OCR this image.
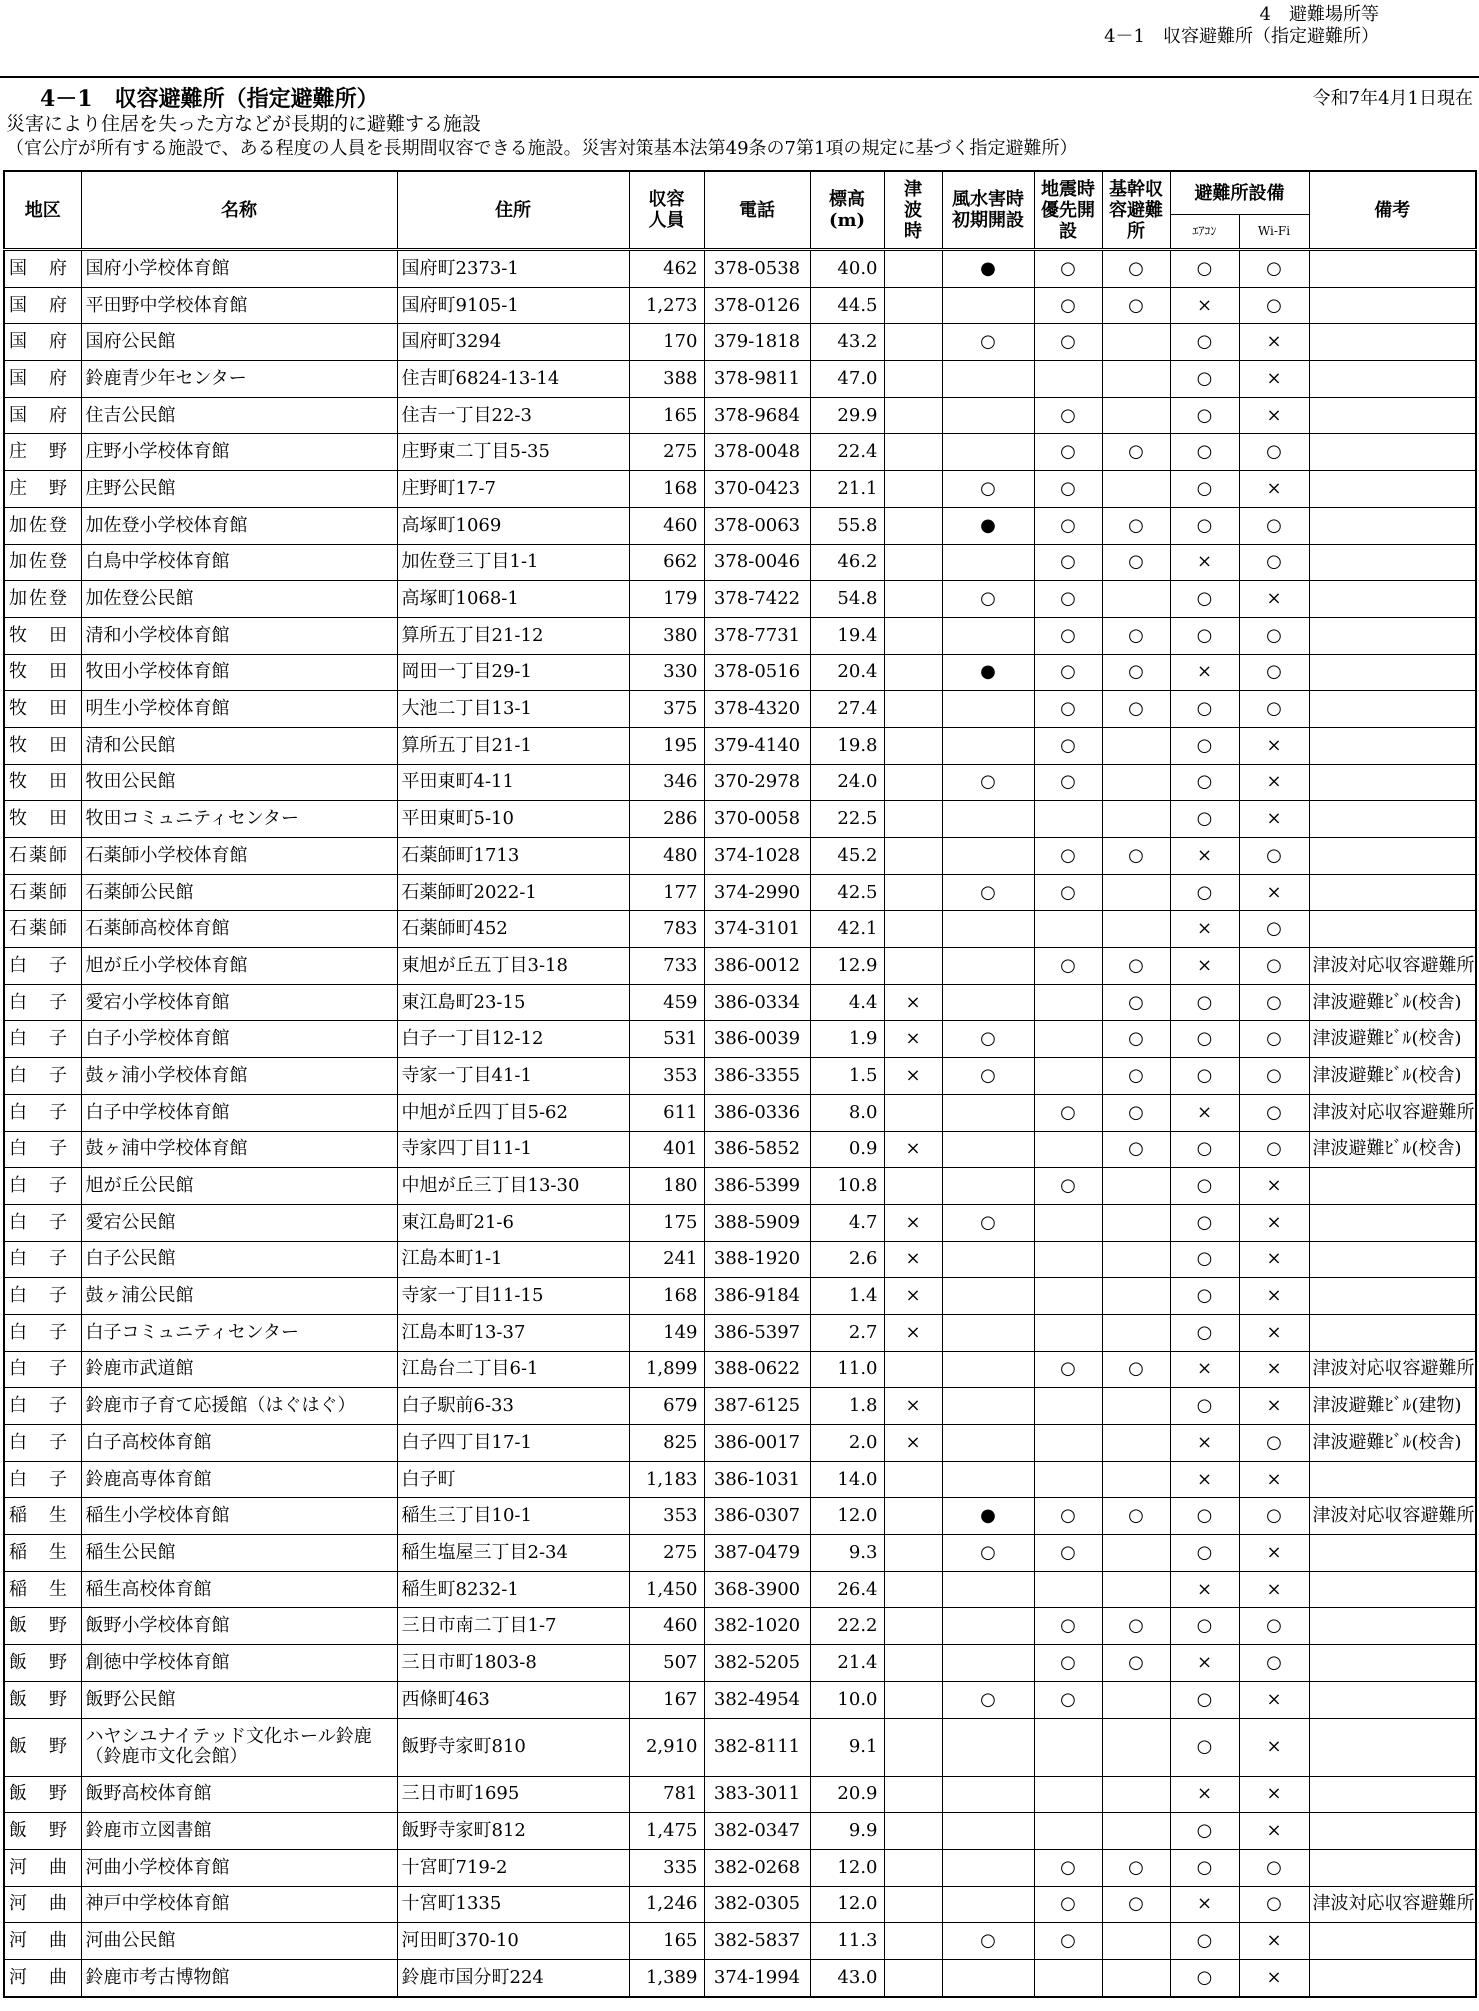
4　避難場所等
4－1　収容避難所（指定避難所）
4－1　収容避難所（指定避難所）	令和7年4月1日現在
災害により住居を失った方などが長期的に避難する施設
（官公庁が所有する施設で、ある程度の人員を長期間収容できる施設。災害対策基本法第49条の7第1項の規定に基づく指定避難所）
地区	名称	住所	収容人員	電話	標高(m)	津波時	風水害時初期開設	地震時優先開設	基幹収容避難所	避難所設備		備考
										ｴｱｺﾝ	Wi-Fi	

国 府	国府小学校体育館	国府町2373-1	462	378-0538	40.0		●	○	○	○	○	

国 府	平田野中学校体育館	国府町9105-1	1,273	378-0126	44.5			○	○	×	○	

国 府	国府公民館	国府町3294	170	379-1818	43.2		○	○		○	×	

国 府	鈴鹿青少年センター	住吉町6824-13-14	388	378-9811	47.0					○	×	

国 府	住吉公民館	住吉一丁目22-3	165	378-9684	29.9			○		○	×	

庄 野	庄野小学校体育館	庄野東二丁目5-35	275	378-0048	22.4			○	○	○	○	

庄 野	庄野公民館	庄野町17-7	168	370-0423	21.1		○	○		○	×	

加 佐 登	加佐登小学校体育館	高塚町1069	460	378-0063	55.8		●	○	○	○	○	

加 佐 登	白鳥中学校体育館	加佐登三丁目1-1	662	378-0046	46.2			○	○	×	○	

加 佐 登	加佐登公民館	高塚町1068-1	179	378-7422	54.8		○	○		○	×	

牧 田	清和小学校体育館	算所五丁目21-12	380	378-7731	19.4			○	○	○	○	

牧 田	牧田小学校体育館	岡田一丁目29-1	330	378-0516	20.4		●	○	○	×	○	

牧 田	明生小学校体育館	大池二丁目13-1	375	378-4320	27.4			○	○	○	○	

牧 田	清和公民館	算所五丁目21-1	195	379-4140	19.8			○		○	×	

牧 田	牧田公民館	平田東町4-11	346	370-2978	24.0		○	○		○	×	

牧 田	牧田コミュニティセンター	平田東町5-10	286	370-0058	22.5					○	×	

石 薬 師	石薬師小学校体育館	石薬師町1713	480	374-1028	45.2			○	○	×	○	

石 薬 師	石薬師公民館	石薬師町2022-1	177	374-2990	42.5		○	○		○	×	

石 薬 師	石薬師高校体育館	石薬師町452	783	374-3101	42.1					×	○	

白 子	旭が丘小学校体育館	東旭が丘五丁目3-18	733	386-0012	12.9			○	○	×	○	津波対応収容避難所

白 子	愛宕小学校体育館	東江島町23-15	459	386-0334	4.4	×			○	○	○	津波避難ﾋﾞﾙ(校舎)

白 子	白子小学校体育館	白子一丁目12-12	531	386-0039	1.9	×	○		○	○	○	津波避難ﾋﾞﾙ(校舎)

白 子	鼓ヶ浦小学校体育館	寺家一丁目41-1	353	386-3355	1.5	×	○		○	○	○	津波避難ﾋﾞﾙ(校舎)

白 子	白子中学校体育館	中旭が丘四丁目5-62	611	386-0336	8.0			○	○	×	○	津波対応収容避難所

白 子	鼓ヶ浦中学校体育館	寺家四丁目11-1	401	386-5852	0.9	×			○	○	○	津波避難ﾋﾞﾙ(校舎)

白 子	旭が丘公民館	中旭が丘三丁目13-30	180	386-5399	10.8			○		○	×	

白 子	愛宕公民館	東江島町21-6	175	388-5909	4.7	×	○			○	×	

白 子	白子公民館	江島本町1-1	241	388-1920	2.6	×				○	×	

白 子	鼓ヶ浦公民館	寺家一丁目11-15	168	386-9184	1.4	×				○	×	

白 子	白子コミュニティセンター	江島本町13-37	149	386-5397	2.7	×				○	×	

白 子	鈴鹿市武道館	江島台二丁目6-1	1,899	388-0622	11.0			○	○	×	×	津波対応収容避難所

白 子	鈴鹿市子育て応援館（はぐはぐ）	白子駅前6-33	679	387-6125	1.8	×				○	×	津波避難ﾋﾞﾙ(建物)

白 子	白子高校体育館	白子四丁目17-1	825	386-0017	2.0	×				×	○	津波避難ﾋﾞﾙ(校舎)

白 子	鈴鹿高専体育館	白子町	1,183	386-1031	14.0					×	×	

稲 生	稲生小学校体育館	稲生三丁目10-1	353	386-0307	12.0		●	○	○	○	○	津波対応収容避難所

稲 生	稲生公民館	稲生塩屋三丁目2-34	275	387-0479	9.3		○	○		○	×	

稲 生	稲生高校体育館	稲生町8232-1	1,450	368-3900	26.4					×	×	

飯 野	飯野小学校体育館	三日市南二丁目1-7	460	382-1020	22.2			○	○	○	○	

飯 野	創徳中学校体育館	三日市町1803-8	507	382-5205	21.4			○	○	×	○	

飯 野	飯野公民館	西條町463	167	382-4954	10.0		○	○		○	×	

飯 野	ハヤシユナイテッド文化ホール鈴鹿（鈴鹿市文化会館）	飯野寺家町810	2,910	382-8111	9.1					○	×	

飯 野	飯野高校体育館	三日市町1695	781	383-3011	20.9					×	×	

飯 野	鈴鹿市立図書館	飯野寺家町812	1,475	382-0347	9.9					○	×	

河 曲	河曲小学校体育館	十宮町719-2	335	382-0268	12.0			○	○	○	○	

河 曲	神戸中学校体育館	十宮町1335	1,246	382-0305	12.0			○	○	×	○	津波対応収容避難所

河 曲	河曲公民館	河田町370-10	165	382-5837	11.3		○	○		○	×	

河 曲	鈴鹿市考古博物館	鈴鹿市国分町224	1,389	374-1994	43.0					○	×	
